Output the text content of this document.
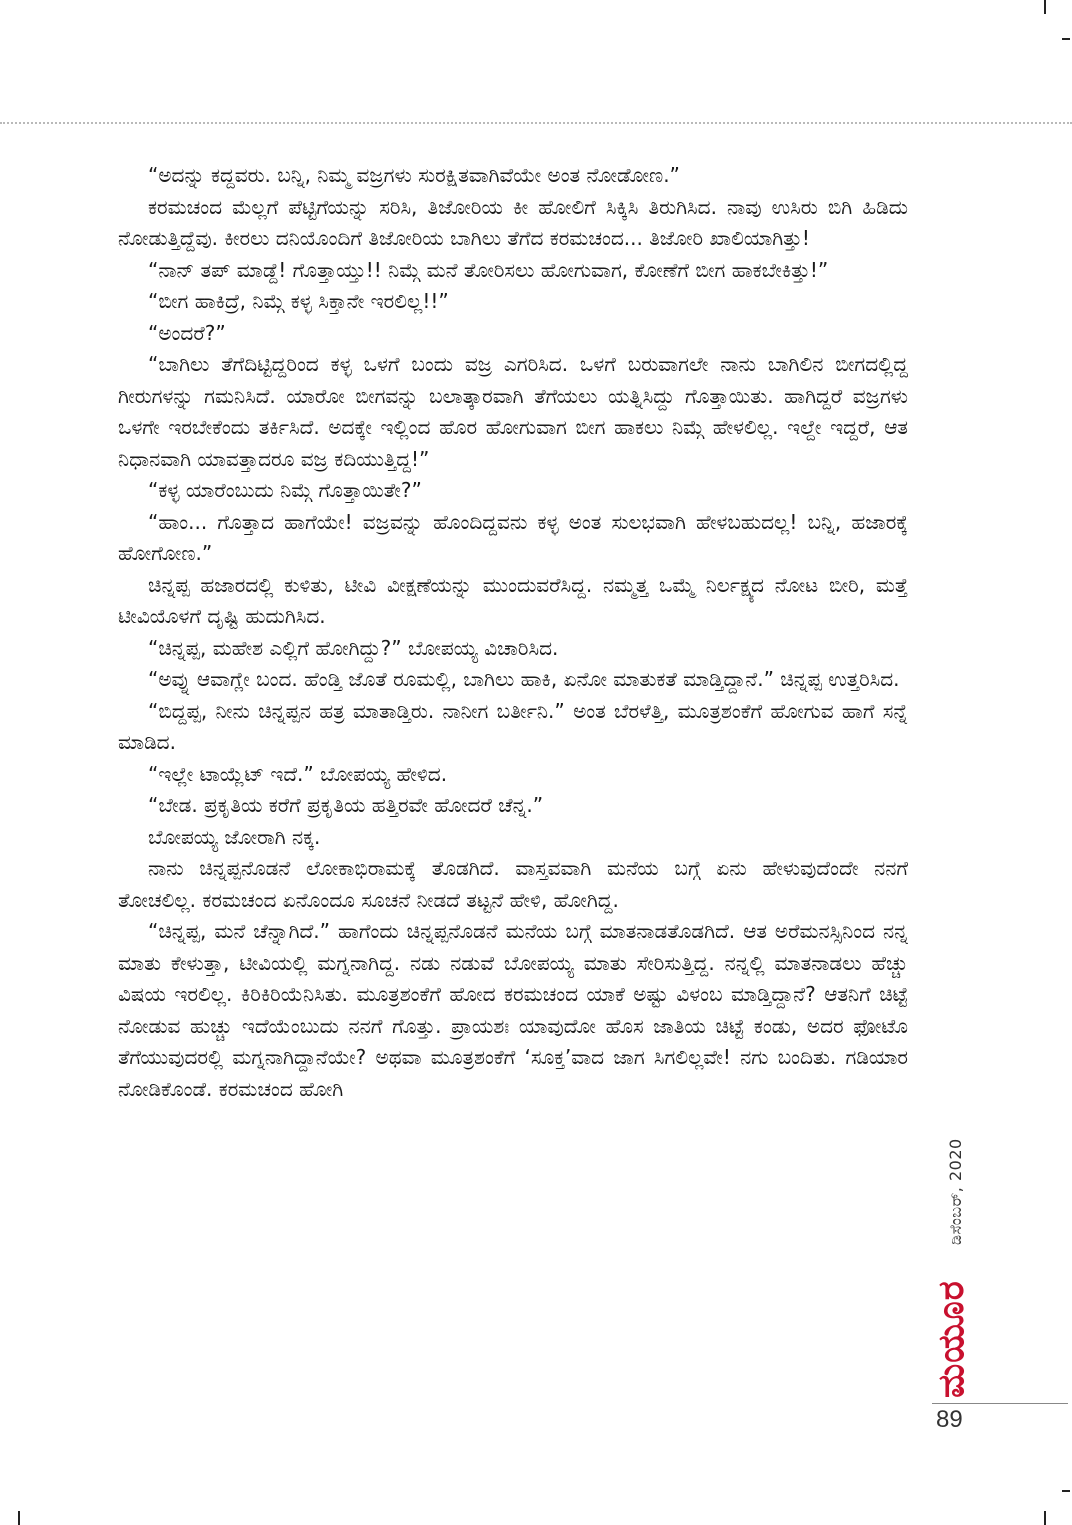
“ಅದನ್ನು ಕದ್ದವರು. ಬನ್ನಿ, ನಿಮ್ಮ ವಜ್ರಗಳು ಸುರಕ್ಷಿತವಾಗಿವೆಯೇ ಅಂತ ನೋಡೋಣ.”

ಕರಮಚಂದ ಮೆಲ್ಲಗೆ ಪೆಟ್ಟಿಗೆಯನ್ನು ಸರಿಸಿ, ತಿಜೋರಿಯ ಕೀ ಹೋಲಿಗೆ ಸಿಕ್ಕಿಸಿ ತಿರುಗಿಸಿದ. ನಾವು ಉಸಿರು ಬಿಗಿ ಹಿಡಿದು ನೋಡುತ್ತಿದ್ದೆವು. ಕೀರಲು ದನಿಯೊಂದಿಗೆ ತಿಜೋರಿಯ ಬಾಗಿಲು ತೆಗೆದ ಕರಮಚಂದ... ತಿಜೋರಿ ಖಾಲಿಯಾಗಿತ್ತು!

“ನಾನ್ ತಪ್ ಮಾಡ್ದೆ! ಗೊತ್ತಾಯ್ತು!! ನಿಮ್ಗೆ ಮನೆ ತೋರಿಸಲು ಹೋಗುವಾಗ, ಕೋಣೆಗೆ ಬೀಗ ಹಾಕಬೇಕಿತ್ತು!”

“ಬೀಗ ಹಾಕಿದ್ರೆ, ನಿಮ್ಗೆ ಕಳ್ಳ ಸಿಕ್ತಾನೇ ಇರಲಿಲ್ಲ!!”

“ಅಂದರೆ?”

“ಬಾಗಿಲು ತೆಗೆದಿಟ್ಟಿದ್ದರಿಂದ ಕಳ್ಳ ಒಳಗೆ ಬಂದು ವಜ್ರ ಎಗರಿಸಿದ. ಒಳಗೆ ಬರುವಾಗಲೇ ನಾನು ಬಾಗಿಲಿನ ಬೀಗದಲ್ಲಿದ್ದ ಗೀರುಗಳನ್ನು ಗಮನಿಸಿದೆ. ಯಾರೋ ಬೀಗವನ್ನು ಬಲಾತ್ಕಾರವಾಗಿ ತೆಗೆಯಲು ಯತ್ನಿಸಿದ್ದು ಗೊತ್ತಾಯಿತು. ಹಾಗಿದ್ದರೆ ವಜ್ರಗಳು ಒಳಗೇ ಇರಬೇಕೆಂದು ತರ್ಕಿಸಿದೆ. ಅದಕ್ಕೇ ಇಲ್ಲಿಂದ ಹೊರ ಹೋಗುವಾಗ ಬೀಗ ಹಾಕಲು ನಿಮ್ಗೆ ಹೇಳಲಿಲ್ಲ. ಇಲ್ದೇ ಇದ್ದರೆ, ಆತ ನಿಧಾನವಾಗಿ ಯಾವತ್ತಾದರೂ ವಜ್ರ ಕದಿಯುತ್ತಿದ್ದ!”

“ಕಳ್ಳ ಯಾರೆಂಬುದು ನಿಮ್ಗೆ ಗೊತ್ತಾಯಿತೇ?”

“ಹಾಂ... ಗೊತ್ತಾದ ಹಾಗೆಯೇ! ವಜ್ರವನ್ನು ಹೊಂದಿದ್ದವನು ಕಳ್ಳ ಅಂತ ಸುಲಭವಾಗಿ ಹೇಳಬಹುದಲ್ಲ! ಬನ್ನಿ, ಹಜಾರಕ್ಕೆ ಹೋಗೋಣ.”

ಚಿನ್ನಪ್ಪ ಹಜಾರದಲ್ಲಿ ಕುಳಿತು, ಟೀವಿ ವೀಕ್ಷಣೆಯನ್ನು ಮುಂದುವರೆಸಿದ್ದ. ನಮ್ಮತ್ತ ಒಮ್ಮೆ ನಿರ್ಲಕ್ಷ್ಯದ ನೋಟ ಬೀರಿ, ಮತ್ತೆ ಟೀವಿಯೊಳಗೆ ದೃಷ್ಟಿ ಹುದುಗಿಸಿದ.

“ಚಿನ್ನಪ್ಪ, ಮಹೇಶ ಎಲ್ಲಿಗೆ ಹೋಗಿದ್ದು?” ಬೋಪಯ್ಯ ವಿಚಾರಿಸಿದ.

“ಅವ್ನು ಆವಾಗ್ಲೇ ಬಂದ. ಹೆಂಡ್ತಿ ಜೊತೆ ರೂಮಲ್ಲಿ, ಬಾಗಿಲು ಹಾಕಿ, ಏನೋ ಮಾತುಕತೆ ಮಾಡ್ತಿದ್ದಾನೆ.” ಚಿನ್ನಪ್ಪ ಉತ್ತರಿಸಿದ.

“ಬಿದ್ದಪ್ಪ, ನೀನು ಚಿನ್ನಪ್ಪನ ಹತ್ರ ಮಾತಾಡ್ತಿರು. ನಾನೀಗ ಬರ್ತೀನಿ.” ಅಂತ ಬೆರಳೆತ್ತಿ, ಮೂತ್ರಶಂಕೆಗೆ ಹೋಗುವ ಹಾಗೆ ಸನ್ನೆ ಮಾಡಿದ.

“ಇಲ್ಲೇ ಟಾಯ್ಲೆಟ್ ಇದೆ.” ಬೋಪಯ್ಯ ಹೇಳಿದ.

“ಬೇಡ. ಪ್ರಕೃತಿಯ ಕರೆಗೆ ಪ್ರಕೃತಿಯ ಹತ್ತಿರವೇ ಹೋದರೆ ಚೆನ್ನ.”

ಬೋಪಯ್ಯ ಜೋರಾಗಿ ನಕ್ಕ.

ನಾನು ಚಿನ್ನಪ್ಪನೊಡನೆ ಲೋಕಾಭಿರಾಮಕ್ಕೆ ತೊಡಗಿದೆ. ವಾಸ್ತವವಾಗಿ ಮನೆಯ ಬಗ್ಗೆ ಏನು ಹೇಳುವುದೆಂದೇ ನನಗೆ ತೋಚಲಿಲ್ಲ. ಕರಮಚಂದ ಏನೊಂದೂ ಸೂಚನೆ ನೀಡದೆ ತಟ್ಟನೆ ಹೇಳಿ, ಹೋಗಿದ್ದ.

“ಚಿನ್ನಪ್ಪ, ಮನೆ ಚೆನ್ನಾಗಿದೆ.” ಹಾಗೆಂದು ಚಿನ್ನಪ್ಪನೊಡನೆ ಮನೆಯ ಬಗ್ಗೆ ಮಾತನಾಡತೊಡಗಿದೆ. ಆತ ಅರೆಮನಸ್ಸಿನಿಂದ ನನ್ನ ಮಾತು ಕೇಳುತ್ತಾ, ಟೀವಿಯಲ್ಲಿ ಮಗ್ನನಾಗಿದ್ದ. ನಡು ನಡುವೆ ಬೋಪಯ್ಯ ಮಾತು ಸೇರಿಸುತ್ತಿದ್ದ. ನನ್ನಲ್ಲಿ ಮಾತನಾಡಲು ಹೆಚ್ಚು ವಿಷಯ ಇರಲಿಲ್ಲ. ಕಿರಿಕಿರಿಯೆನಿಸಿತು. ಮೂತ್ರಶಂಕೆಗೆ ಹೋದ ಕರಮಚಂದ ಯಾಕೆ ಅಷ್ಟು ವಿಳಂಬ ಮಾಡ್ತಿದ್ದಾನೆ? ಆತನಿಗೆ ಚಿಟ್ಟೆ ನೋಡುವ ಹುಚ್ಚು ಇದೆಯೆಂಬುದು ನನಗೆ ಗೊತ್ತು. ಪ್ರಾಯಶಃ ಯಾವುದೋ ಹೊಸ ಜಾತಿಯ ಚಿಟ್ಟೆ ಕಂಡು, ಅದರ ಫೋಟೊ ತೆಗೆಯುವುದರಲ್ಲಿ ಮಗ್ನನಾಗಿದ್ದಾನೆಯೇ? ಅಥವಾ ಮೂತ್ರಶಂಕೆಗೆ ‘ಸೂಕ್ತ’ವಾದ ಜಾಗ ಸಿಗಲಿಲ್ಲವೇ! ನಗು ಬಂದಿತು. ಗಡಿಯಾರ ನೋಡಿಕೊಂಡೆ. ಕರಮಚಂದ ಹೋಗಿ

ಡಿಸೆಂಬರ್, 2020
ಮಯೂರ
89
